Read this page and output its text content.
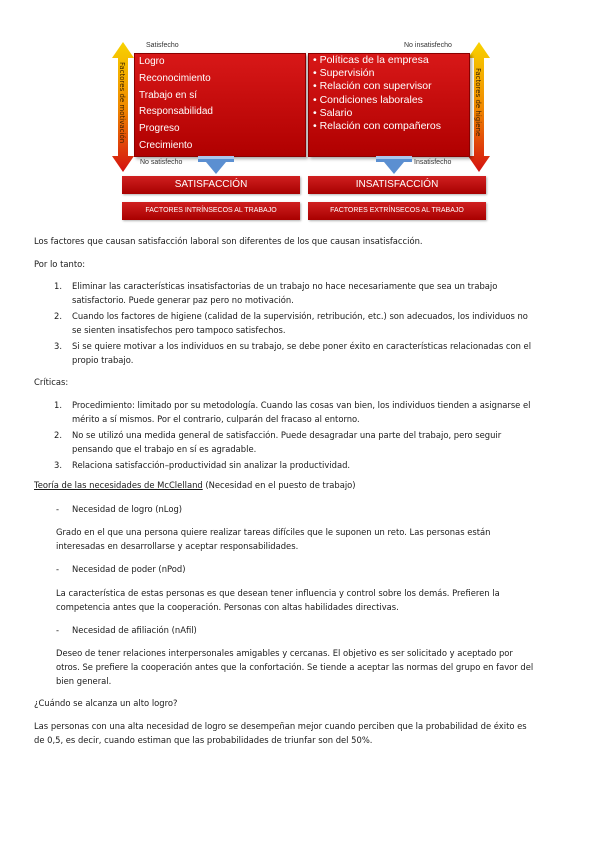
Factores de motivación	Factores de higiene
Satisfecho	No insatisfecho
Logro
Reconocimiento
Trabajo en sí
Responsabilidad
Progreso
Crecimiento
• Políticas de la empresa
• Supervisión
• Relación con supervisor
• Condiciones laborales
• Salario
• Relación con compañeros
No satisfecho	Insatisfecho
SATISFACCIÓN	INSATISFACCIÓN
FACTORES INTRÍNSECOS AL TRABAJO	FACTORES EXTRÍNSECOS AL TRABAJO
Los factores que causan satisfacción laboral son diferentes de los que causan insatisfacción.
Por lo tanto:
1. Eliminar las características insatisfactorias de un trabajo no hace necesariamente que sea un trabajo
satisfactorio. Puede generar paz pero no motivación.
2. Cuando los factores de higiene (calidad de la supervisión, retribución, etc.) son adecuados, los individuos no
se sienten insatisfechos pero tampoco satisfechos.
3. Si se quiere motivar a los individuos en su trabajo, se debe poner éxito en características relacionadas con el
propio trabajo.
Críticas:
1. Procedimiento: limitado por su metodología. Cuando las cosas van bien, los individuos tienden a asignarse el
mérito a sí mismos. Por el contrario, culparán del fracaso al entorno.
2. No se utilizó una medida general de satisfacción. Puede desagradar una parte del trabajo, pero seguir
pensando que el trabajo en sí es agradable.
3. Relaciona satisfacción–productividad sin analizar la productividad.
Teoría de las necesidades de McClelland (Necesidad en el puesto de trabajo)
- Necesidad de logro (nLog)
Grado en el que una persona quiere realizar tareas difíciles que le suponen un reto. Las personas están
interesadas en desarrollarse y aceptar responsabilidades.
- Necesidad de poder (nPod)
La característica de estas personas es que desean tener influencia y control sobre los demás. Prefieren la
competencia antes que la cooperación. Personas con altas habilidades directivas.
- Necesidad de afiliación (nAfil)
Deseo de tener relaciones interpersonales amigables y cercanas. El objetivo es ser solicitado y aceptado por
otros. Se prefiere la cooperación antes que la confortación. Se tiende a aceptar las normas del grupo en favor del
bien general.
¿Cuándo se alcanza un alto logro?
Las personas con una alta necesidad de logro se desempeñan mejor cuando perciben que la probabilidad de éxito es
de 0,5, es decir, cuando estiman que las probabilidades de triunfar son del 50%.
